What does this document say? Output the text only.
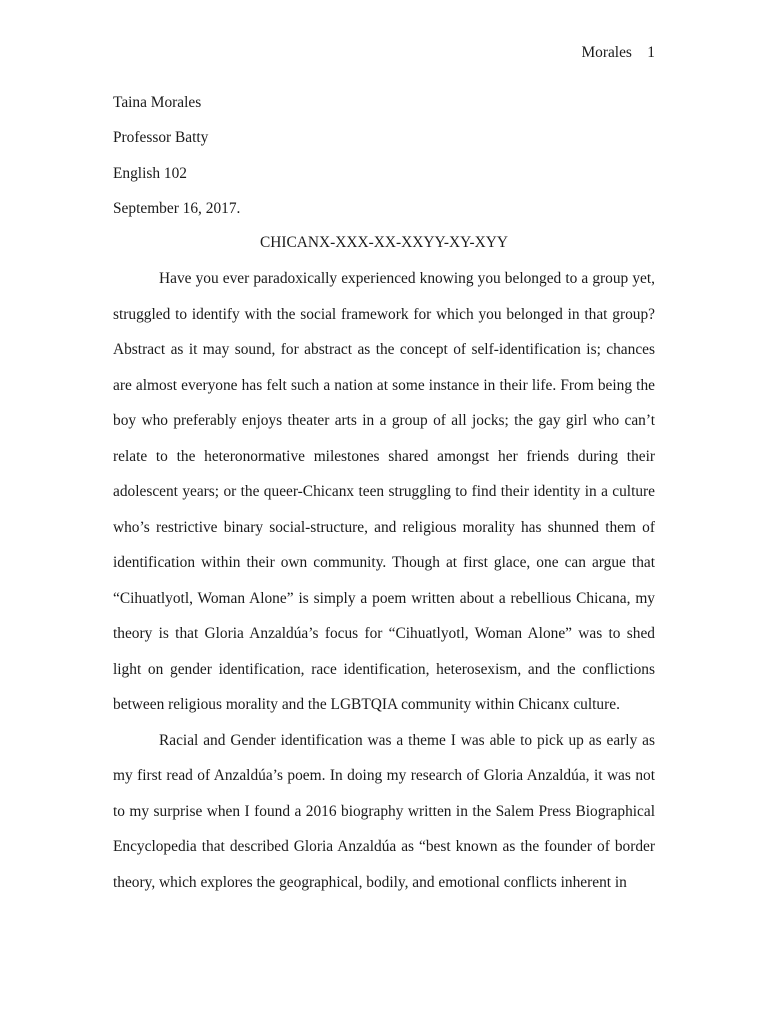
Morales 1
Taina Morales
Professor Batty
English 102
September 16, 2017.
CHICANX-XXX-XX-XXYY-XY-XYY

Have you ever paradoxically experienced knowing you belonged to a group yet, struggled to identify with the social framework for which you belonged in that group? Abstract as it may sound, for abstract as the concept of self-identification is; chances are almost everyone has felt such a nation at some instance in their life. From being the boy who preferably enjoys theater arts in a group of all jocks; the gay girl who can’t relate to the heteronormative milestones shared amongst her friends during their adolescent years; or the queer-Chicanx teen struggling to find their identity in a culture who’s restrictive binary social-structure, and religious morality has shunned them of identification within their own community. Though at first glace, one can argue that “Cihuatlyotl, Woman Alone” is simply a poem written about a rebellious Chicana, my theory is that Gloria Anzaldúa’s focus for “Cihuatlyotl, Woman Alone” was to shed light on gender identification, race identification, heterosexism, and the conflictions between religious morality and the LGBTQIA community within Chicanx culture.

Racial and Gender identification was a theme I was able to pick up as early as my first read of Anzaldúa’s poem. In doing my research of Gloria Anzaldúa, it was not to my surprise when I found a 2016 biography written in the Salem Press Biographical Encyclopedia that described Gloria Anzaldúa as “best known as the founder of border theory, which explores the geographical, bodily, and emotional conflicts inherent in
